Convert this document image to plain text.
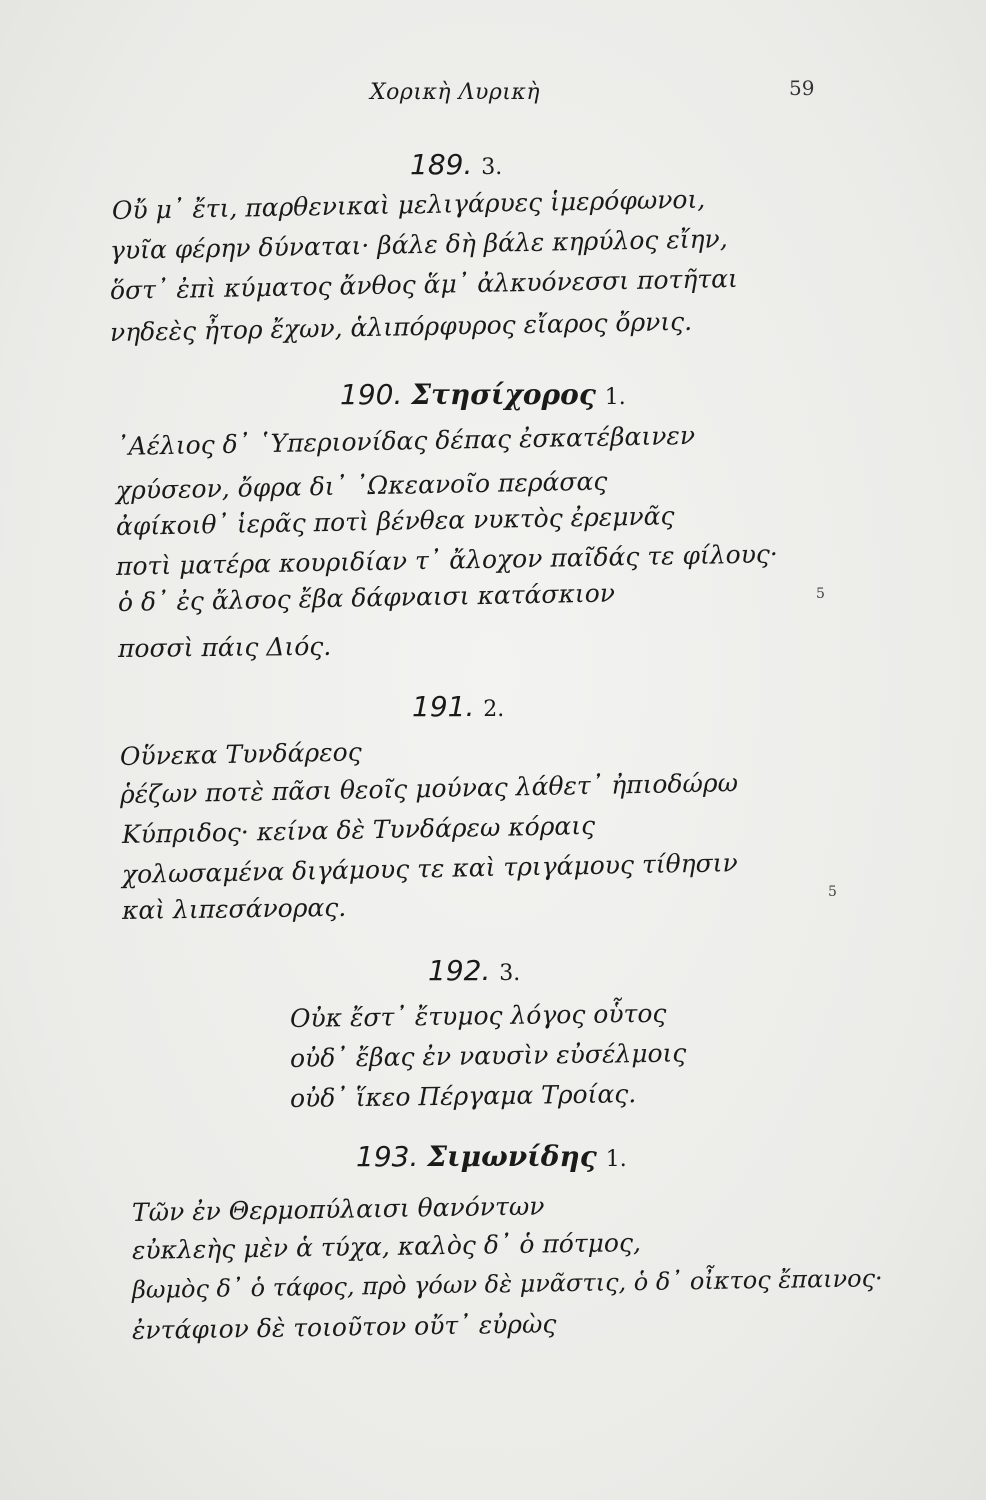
Χορικὴ Λυρικὴ	59
189. 3.
Οὔ μ᾽ ἔτι, παρθενικαὶ μελιγάρυες ἱμερόφωνοι,
γυῖα φέρην δύναται· βάλε δὴ βάλε κηρύλος εἴην,
ὅστ᾽ ἐπὶ κύματος ἄνθος ἅμ᾽ ἀλκυόνεσσι ποτῆται
νηδεὲς ἦτορ ἔχων, ἁλιπόρφυρος εἴαρος ὄρνις.
190. Στησίχορος 1.
᾽Αέλιος δ᾽ ῾Υπεριονίδας δέπας ἐσκατέβαινεν
χρύσεον, ὄφρα δι᾽ ᾽Ωκεανοῖο περάσας
ἀφίκοιθ᾽ ἱερᾶς ποτὶ βένθεα νυκτὸς ἐρεμνᾶς
ποτὶ ματέρα κουριδίαν τ᾽ ἄλοχον παῖδάς τε φίλους·
ὁ δ᾽ ἐς ἄλσος ἔβα δάφναισι κατάσκιον
ποσσὶ πάις Διός.
5
191. 2.
Οὕνεκα Τυνδάρεος
ῥέζων ποτὲ πᾶσι θεοῖς μούνας λάθετ᾽ ἠπιοδώρω
Κύπριδος· κείνα δὲ Τυνδάρεω κόραις
χολωσαμένα διγάμους τε καὶ τριγάμους τίθησιν
καὶ λιπεσάνορας.
5
192. 3.
Οὐκ ἔστ᾽ ἔτυμος λόγος οὗτος
οὐδ᾽ ἔβας ἐν ναυσὶν εὐσέλμοις
οὐδ᾽ ἵκεο Πέργαμα Τροίας.
193. Σιμωνίδης 1.
Τῶν ἐν Θερμοπύλαισι θανόντων
εὐκλεὴς μὲν ἁ τύχα, καλὸς δ᾽ ὁ πότμος,
βωμὸς δ᾽ ὁ τάφος, πρὸ γόων δὲ μνᾶστις, ὁ δ᾽ οἶκτος ἔπαινος·
ἐντάφιον δὲ τοιοῦτον οὔτ᾽ εὐρὼς
